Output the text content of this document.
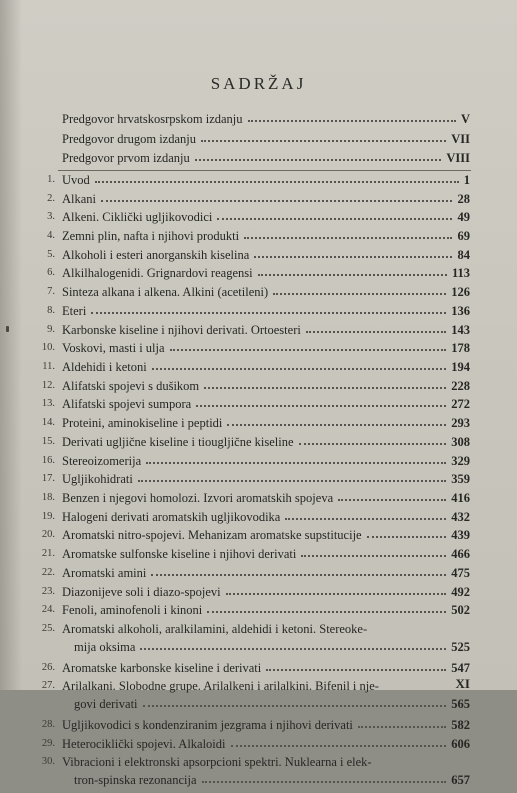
SADRŽAJ
Predgovor hrvatskosrpskom izdanju	V
Predgovor drugom izdanju	VII
Predgovor prvom izdanju	VIII
1. Uvod	1
2. Alkani	28
3. Alkeni. Ciklički ugljikovodici	49
4. Zemni plin, nafta i njihovi produkti	69
5. Alkoholi i esteri anorganskih kiselina	84
6. Alkilhalogenidi. Grignardovi reagensi	113
7. Sinteza alkana i alkena. Alkini (acetileni)	126
8. Eteri	136
9. Karbonske kiseline i njihovi derivati. Ortoesteri	143
10. Voskovi, masti i ulja	178
11. Aldehidi i ketoni	194
12. Alifatski spojevi s dušikom	228
13. Alifatski spojevi sumpora	272
14. Proteini, aminokiseline i peptidi	293
15. Derivati ugljične kiseline i tiougljične kiseline	308
16. Stereoizomerija	329
17. Ugljikohidrati	359
18. Benzen i njegovi homolozi. Izvori aromatskih spojeva	416
19. Halogeni derivati aromatskih ugljikovodika	432
20. Aromatski nitro-spojevi. Mehanizam aromatske supstitucije	439
21. Aromatske sulfonske kiseline i njihovi derivati	466
22. Aromatski amini	475
23. Diazonijeve soli i diazo-spojevi	492
24. Fenoli, aminofenoli i kinoni	502
25. Aromatski alkoholi, aralkilamini, aldehidi i ketoni. Stereoke-
mija oksima	525
26. Aromatske karbonske kiseline i derivati	547
27. Arilalkani. Slobodne grupe. Arilalkeni i arilalkini. Bifenil i nje-
govi derivati	565
28. Ugljikovodici s kondenziranim jezgrama i njihovi derivati	582
29. Heterociklički spojevi. Alkaloidi	606
30. Vibracioni i elektronski apsorpcioni spektri. Nuklearna i elek-
tron-spinska rezonancija	657
XI
